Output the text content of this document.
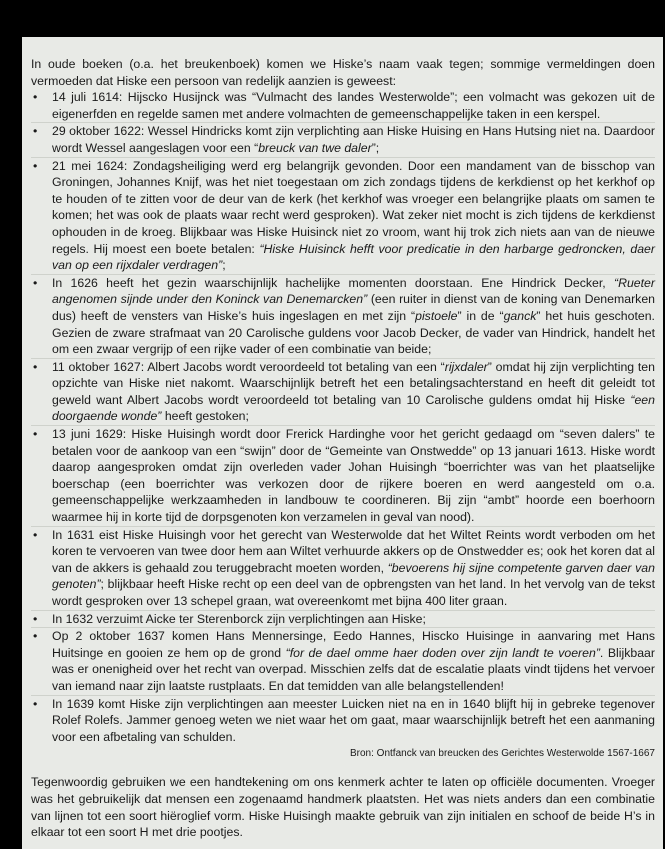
In oude boeken (o.a. het breukenboek) komen we Hiske’s naam vaak tegen; sommige vermeldingen doen vermoeden dat Hiske een persoon van redelijk aanzien is geweest:

• 14 juli 1614: Hijscko Husijnck was “Vulmacht des landes Westerwolde”; een volmacht was gekozen uit de eigenerfden en regelde samen met andere volmachten de gemeenschappelijke taken in een kerspel.
• 29 oktober 1622: Wessel Hindricks komt zijn verplichting aan Hiske Huising en Hans Hutsing niet na. Daardoor wordt Wessel aangeslagen voor een “breuck van twe daler”;
• 21 mei 1624: Zondagsheiliging werd erg belangrijk gevonden. Door een mandament van de bisschop van Groningen, Johannes Knijf, was het niet toegestaan om zich zondags tijdens de kerkdienst op het kerkhof op te houden of te zitten voor de deur van de kerk (het kerkhof was vroeger een belangrijke plaats om samen te komen; het was ook de plaats waar recht werd gesproken). Wat zeker niet mocht is zich tijdens de kerkdienst ophouden in de kroeg. Blijkbaar was Hiske Huisinck niet zo vroom, want hij trok zich niets aan van de nieuwe regels. Hij moest een boete betalen: “Hiske Huisinck hefft voor predicatie in den harbarge gedroncken, daer van op een rijxdaler verdragen”;
• In 1626 heeft het gezin waarschijnlijk hachelijke momenten doorstaan. Ene Hindrick Decker, “Rueter angenomen sijnde under den Koninck van Denemarcken” (een ruiter in dienst van de koning van Denemarken dus) heeft de vensters van Hiske’s huis ingeslagen en met zijn “pistoele” in de “ganck” het huis geschoten. Gezien de zware strafmaat van 20 Carolische guldens voor Jacob Decker, de vader van Hindrick, handelt het om een zwaar vergrijp of een rijke vader of een combinatie van beide;
• 11 oktober 1627: Albert Jacobs wordt veroordeeld tot betaling van een “rijxdaler” omdat hij zijn verplichting ten opzichte van Hiske niet nakomt. Waarschijnlijk betreft het een betalingsachterstand en heeft dit geleidt tot geweld want Albert Jacobs wordt veroordeeld tot betaling van 10 Carolische guldens omdat hij Hiske “een doorgaende wonde” heeft gestoken;
• 13 juni 1629: Hiske Huisingh wordt door Frerick Hardinghe voor het gericht gedaagd om “seven dalers” te betalen voor de aankoop van een “swijn” door de “Gemeinte van Onstwedde” op 13 januari 1613. Hiske wordt daarop aangesproken omdat zijn overleden vader Johan Huisingh “boerrichter was van het plaatselijke boerschap (een boerrichter was verkozen door de rijkere boeren en werd aangesteld om o.a. gemeenschappelijke werkzaamheden in landbouw te coordineren. Bij zijn “ambt” hoorde een boerhoorn waarmee hij in korte tijd de dorpsgenoten kon verzamelen in geval van nood).
• In 1631 eist Hiske Huisingh voor het gerecht van Westerwolde dat het Wiltet Reints wordt verboden om het koren te vervoeren van twee door hem aan Wiltet verhuurde akkers op de Onstwedder es; ook het koren dat al van de akkers is gehaald zou teruggebracht moeten worden, “bevoerens hij sijne competente garven daer van genoten”; blijkbaar heeft Hiske recht op een deel van de opbrengsten van het land. In het vervolg van de tekst wordt gesproken over 13 schepel graan, wat overeenkomt met bijna 400 liter graan.
• In 1632 verzuimt Aicke ter Sterenborck zijn verplichtingen aan Hiske;
• Op 2 oktober 1637 komen Hans Mennersinge, Eedo Hannes, Hiscko Huisinge in aanvaring met Hans Huitsinge en gooien ze hem op de grond “for de dael omme haer doden over zijn landt te voeren”. Blijkbaar was er onenigheid over het recht van overpad. Misschien zelfs dat de escalatie plaats vindt tijdens het vervoer van iemand naar zijn laatste rustplaats. En dat temidden van alle belangstellenden!
• In 1639 komt Hiske zijn verplichtingen aan meester Luicken niet na en in 1640 blijft hij in gebreke tegenover Rolef Rolefs. Jammer genoeg weten we niet waar het om gaat, maar waarschijnlijk betreft het een aanmaning voor een afbetaling van schulden.

Bron: Ontfanck van breucken des Gerichtes Westerwolde 1567-1667

Tegenwoordig gebruiken we een handtekening om ons kenmerk achter te laten op officiële documenten. Vroeger was het gebruikelijk dat mensen een zogenaamd handmerk plaatsten. Het was niets anders dan een combinatie van lijnen tot een soort hiëroglief vorm. Hiske Huisingh maakte gebruik van zijn initialen en schoof de beide H’s in elkaar tot een soort H met drie pootjes.
